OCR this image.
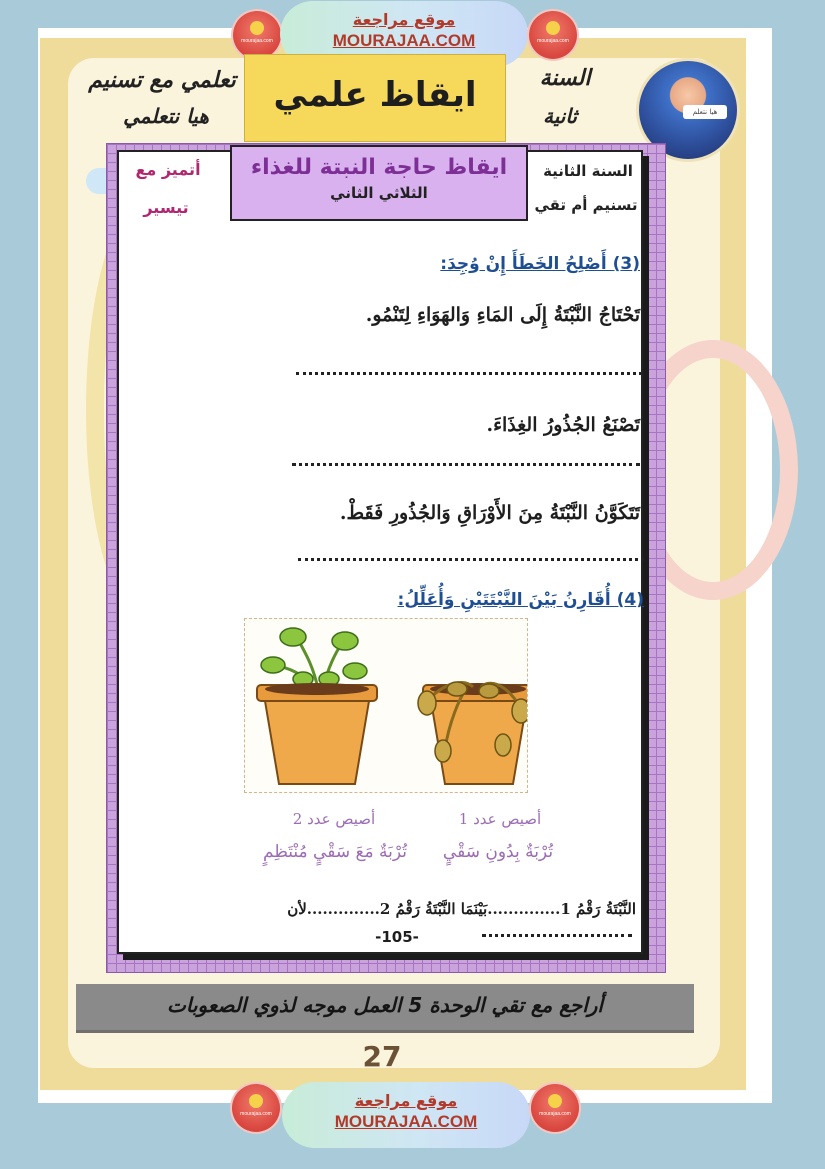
mourajaa.com
موقع مراجعة
MOURAJAA.COM	mourajaa.com
ايقاظ علمي
تعلمي مع تسنيم
هيا نتعلمي
السنة
ثانية	هيا نتعلم
ايقاظ حاجة النبتة للغذاء
الثلاثي الثاني
السنة الثانية
تسنيم أم تقي
أتميز مع
تيسير
(3) أَصْلِحُ الخَطَأَ إِنْ وُجِدَ:
تَحْتَاجُ النَّبْتَةُ إِلَى المَاءِ وَالهَوَاءِ لِتَنْمُو.
تَصْنَعُ الجُذُورُ الغِذَاءَ.
تَتَكَوَّنُ النَّبْتَةُ مِنَ الأَوْرَاقِ وَالجُذُورِ فَقَطْ.
(4) أُقَارِنُ بَيْنَ النَّبْتَتَيْنِ وَأُعَلِّلُ:
أصيص عدد 2
تُرْبَةٌ مَعَ سَقْيٍ مُنْتَظِمٍ
أصيص عدد 1
تُرْبَةٌ بِدُونِ سَقْيٍ
النَّبْتَةُ رَقْمُ 1..............بَيْنَمَا النَّبْتَةُ رَقْمُ 2..............لأن
-105-
أراجع مع تقي الوحدة 5 العمل موجه لذوي الصعوبات
27
mourajaa.com
موقع مراجعة
MOURAJAA.COM	mourajaa.com
